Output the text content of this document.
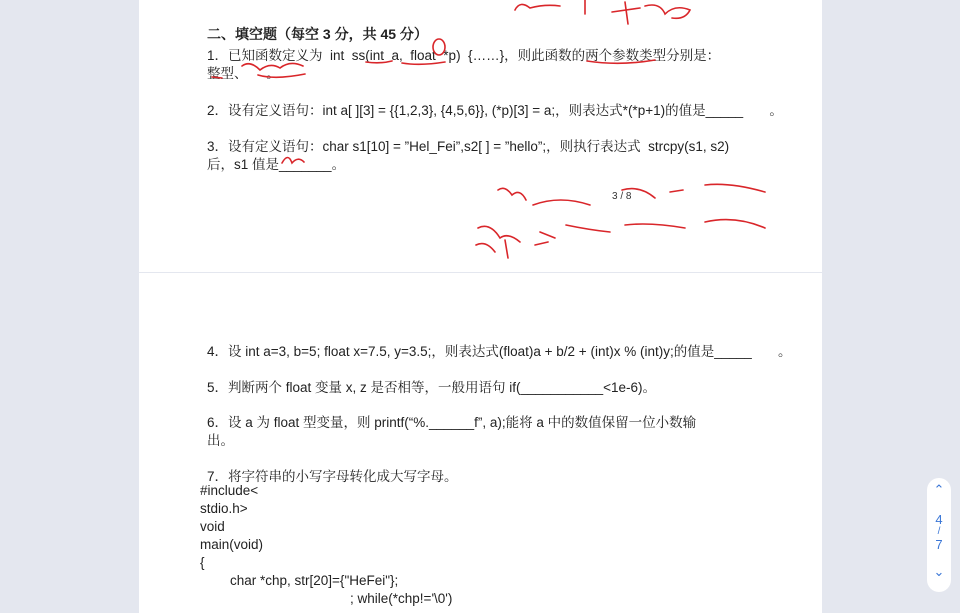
二、填空题（每空 3 分，共 45 分）
1．已知函数定义为  int  ss(int  a,  float  *p)  {……}，则此函数的两个参数类型分别是：
整型、     。
2．设有定义语句：int a[ ][3] = {{1,2,3}, {4,5,6}}, (*p)[3] = a;，则表达式*(*p+1)的值是_____       。
3．设有定义语句：char s1[10] = ”Hel_Fei”,s2[ ] = ”hello”;，则执行表达式  strcpy(s1, s2)
后，s1 值是_______。
3 / 8
4．设 int a=3, b=5; float x=7.5, y=3.5;，则表达式(float)a + b/2 + (int)x % (int)y;的值是_____       。
5．判断两个 float 变量 x, z 是否相等，一般用语句 if(___________<1e-6)。
6．设 a 为 float 型变量，则 printf(“%.______f”, a);能将 a 中的数值保留一位小数输
出。
7．将字符串的小写字母转化成大写字母。
#include<
stdio.h>
void
main(void)
{
char *chp, str[20]={"HeFei"};
; while(*chp!='\0')
⌃
4
/
7
⌄
